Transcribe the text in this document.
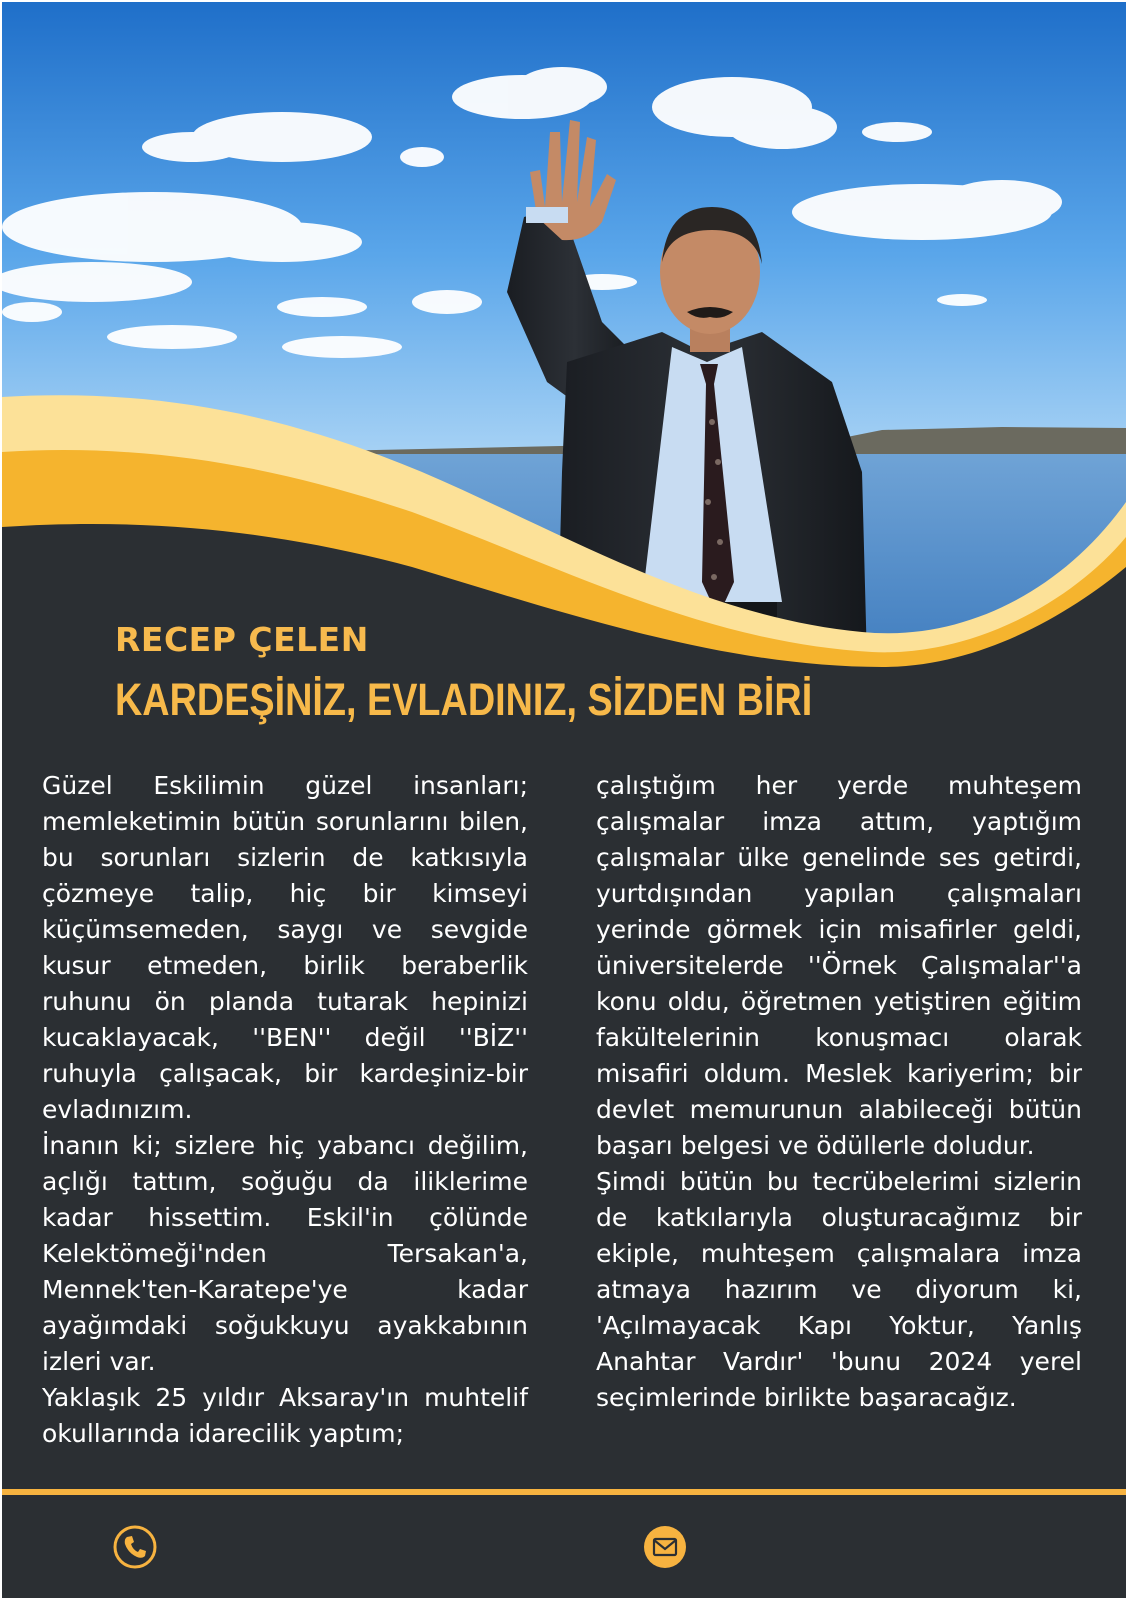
RECEP ÇELEN
KARDEŞİNİZ, EVLADINIZ, SİZDEN BİRİ

Güzel Eskilimin güzel insanları; memleketimin bütün sorunlarını bilen, bu sorunları sizlerin de katkısıyla çözmeye talip, hiç bir kimseyi küçümsemeden, saygı ve sevgide kusur etmeden, birlik beraberlik ruhunu ön planda tutarak hepinizi kucaklayacak, ''BEN'' değil ''BİZ'' ruhuyla çalışacak, bir kardeşiniz-bir evladınızım.

İnanın ki; sizlere hiç yabancı değilim, açlığı tattım, soğuğu da iliklerime kadar hissettim. Eskil'in çölünde Kelektömeği'nden Tersakan'a, Mennek'ten-Karatepe'ye kadar ayağımdaki soğukkuyu ayakkabının izleri var.

Yaklaşık 25 yıldır Aksaray'ın muhtelif okullarında idarecilik yaptım;

çalıştığım her yerde muhteşem çalışmalar imza attım, yaptığım çalışmalar ülke genelinde ses getirdi, yurtdışından yapılan çalışmaları yerinde görmek için misafirler geldi, üniversitelerde ''Örnek Çalışmalar''a konu oldu, öğretmen yetiştiren eğitim fakültelerinin konuşmacı olarak misafiri oldum. Meslek kariyerim; bir devlet memurunun alabileceği bütün başarı belgesi ve ödüllerle doludur.

Şimdi bütün bu tecrübelerimi sizlerin de katkılarıyla oluşturacağımız bir ekiple, muhteşem çalışmalara imza atmaya hazırım ve diyorum ki, 'Açılmayacak Kapı Yoktur, Yanlış Anahtar Vardır' 'bunu 2024 yerel seçimlerinde birlikte başaracağız.
